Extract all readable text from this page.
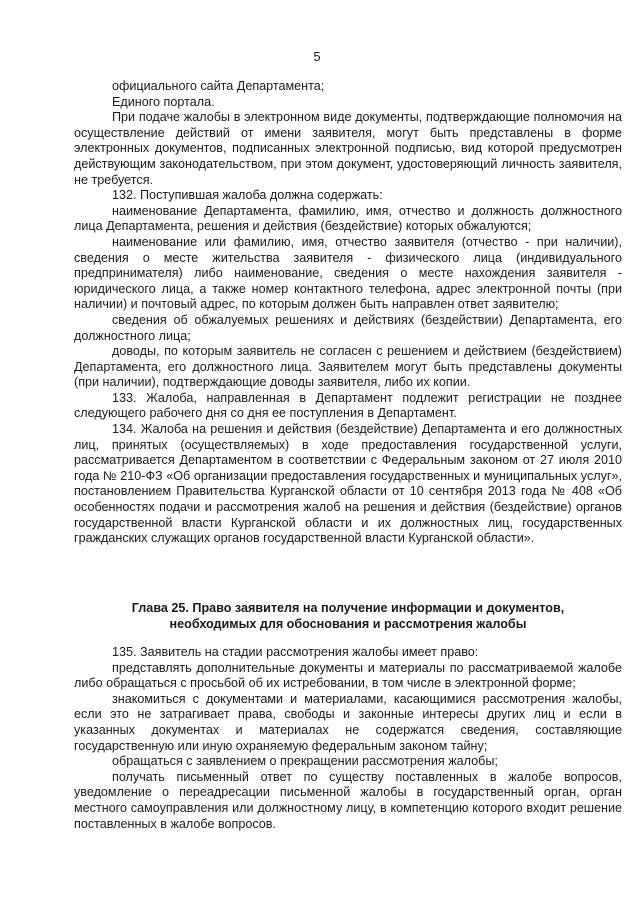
5

официального сайта Департамента;

Единого портала.

При подаче жалобы в электронном виде документы, подтверждающие полномочия на осуществление действий от имени заявителя, могут быть представлены в форме электронных документов, подписанных электронной подписью, вид которой предусмотрен действующим законодательством, при этом документ, удостоверяющий личность заявителя, не требуется.

132. Поступившая жалоба должна содержать:

наименование Департамента, фамилию, имя, отчество и должность должностного лица Департамента, решения и действия (бездействие) которых обжалуются;

наименование или фамилию, имя, отчество заявителя (отчество - при наличии), сведения о месте жительства заявителя - физического лица (индивидуального предпринимателя) либо наименование, сведения о месте нахождения заявителя - юридического лица, а также номер контактного телефона, адрес электронной почты (при наличии) и почтовый адрес, по которым должен быть направлен ответ заявителю;

сведения об обжалуемых решениях и действиях (бездействии) Департамента, его должностного лица;

доводы, по которым заявитель не согласен с решением и действием (бездействием) Департамента, его должностного лица. Заявителем могут быть представлены документы (при наличии), подтверждающие доводы заявителя, либо их копии.

133. Жалоба, направленная в Департамент подлежит регистрации не позднее следующего рабочего дня со дня ее поступления в Департамент.

134. Жалоба на решения и действия (бездействие) Департамента и его должностных лиц, принятых (осуществляемых) в ходе предоставления государственной услуги, рассматривается Департаментом в соответствии с Федеральным законом от 27 июля 2010 года № 210-ФЗ «Об организации предоставления государственных и муниципальных услуг», постановлением Правительства Курганской области от 10 сентября 2013 года № 408 «Об особенностях подачи и рассмотрения жалоб на решения и действия (бездействие) органов государственной власти Курганской области и их должностных лиц, государственных гражданских служащих органов государственной власти Курганской области».

Глава 25. Право заявителя на получение информации и документов,
необходимых для обоснования и рассмотрения жалобы

135. Заявитель на стадии рассмотрения жалобы имеет право:

представлять дополнительные документы и материалы по рассматриваемой жалобе либо обращаться с просьбой об их истребовании, в том числе в электронной форме;

знакомиться с документами и материалами, касающимися рассмотрения жалобы, если это не затрагивает права, свободы и законные интересы других лиц и если в указанных документах и материалах не содержатся сведения, составляющие государственную или иную охраняемую федеральным законом тайну;

обращаться с заявлением о прекращении рассмотрения жалобы;

получать письменный ответ по существу поставленных в жалобе вопросов, уведомление о переадресации письменной жалобы в государственный орган, орган местного самоуправления или должностному лицу, в компетенцию которого входит решение поставленных в жалобе вопросов.
